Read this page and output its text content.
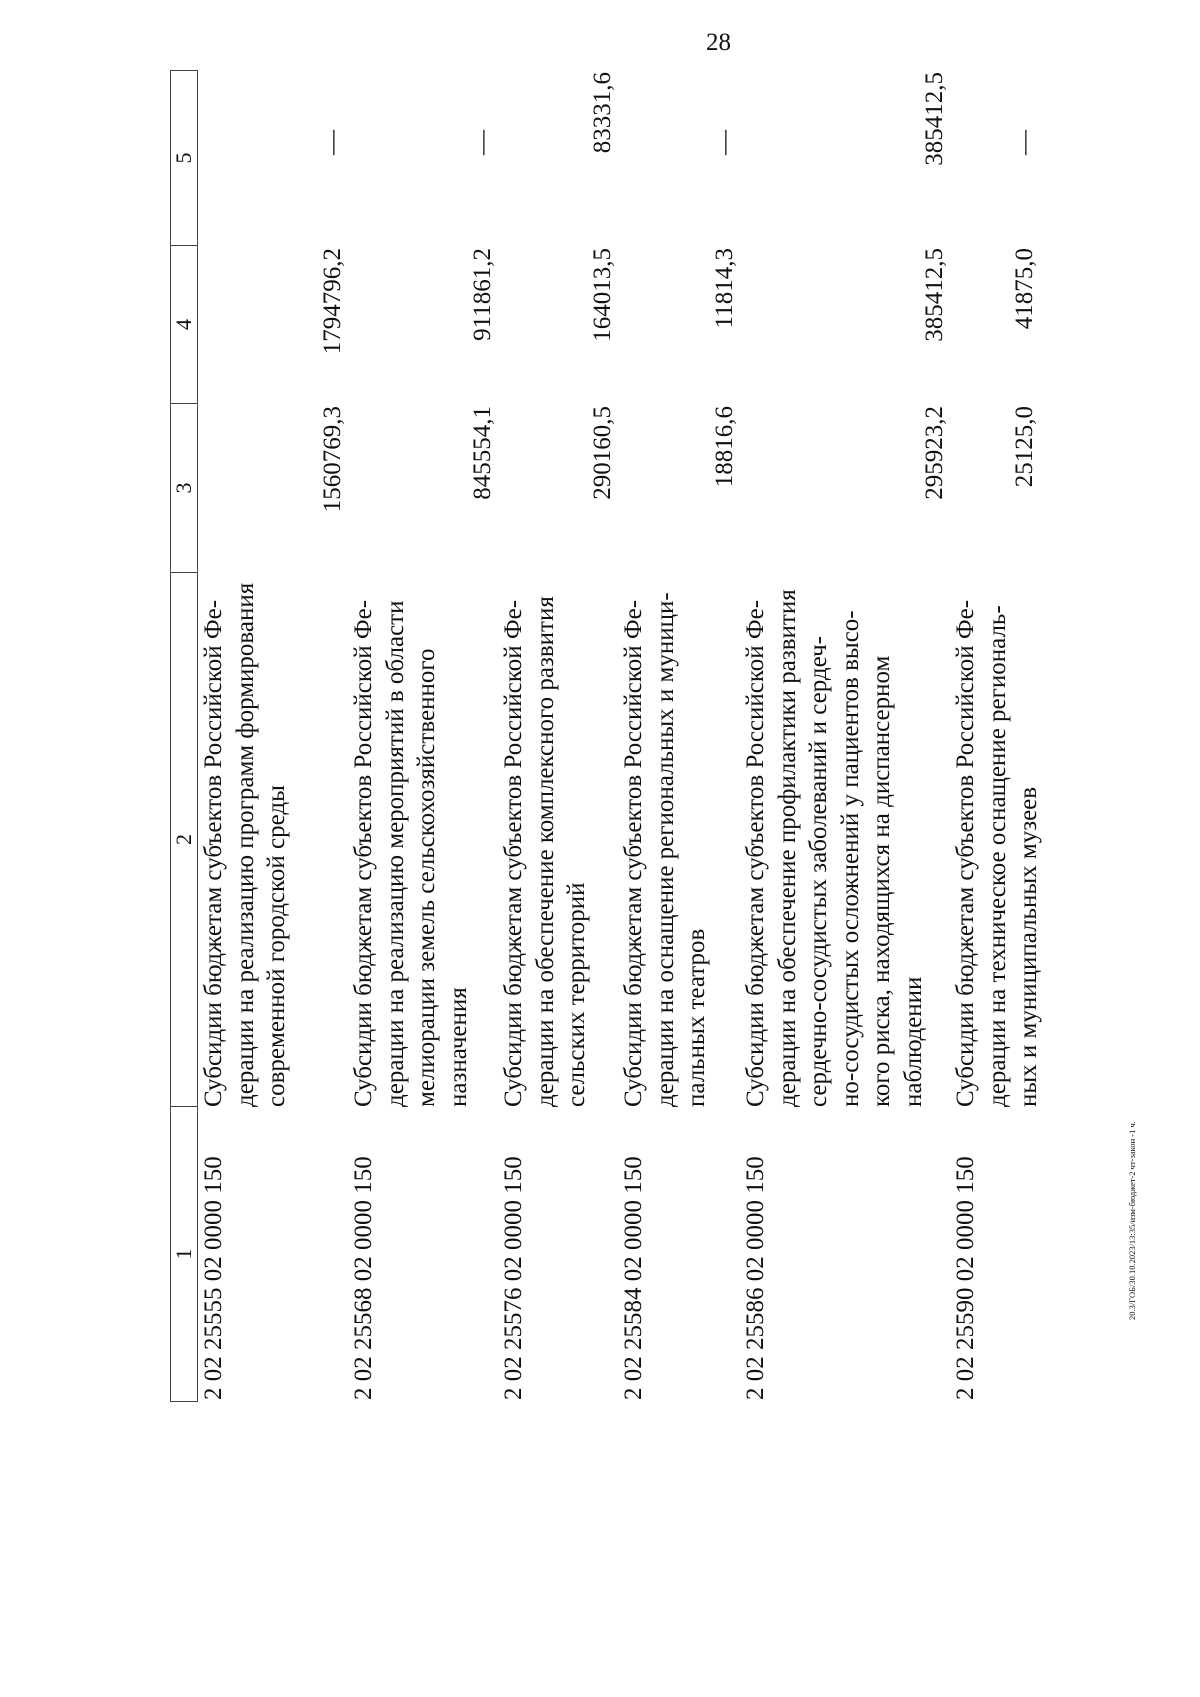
28
20.3/ГОБ/30.10.2023/13:35/изм-бюджет-2 чт-закон -1 ч.
1
2
3
4
5
2 02 25555 02 0000 150
Субсидии бюджетам субъектов Российской Фе- дерации на реализацию программ формирования современной городской среды
1560769,3
1794796,2
—
2 02 25568 02 0000 150
Субсидии бюджетам субъектов Российской Фе- дерации на реализацию мероприятий в области мелиорации земель сельскохозяйственного назначения
845554,1
911861,2
—
2 02 25576 02 0000 150
Субсидии бюджетам субъектов Российской Фе- дерации на обеспечение комплексного развития сельских территорий
290160,5
164013,5
83331,6
2 02 25584 02 0000 150
Субсидии бюджетам субъектов Российской Фе- дерации на оснащение региональных и муници- пальных театров
18816,6
11814,3
—
2 02 25586 02 0000 150
Субсидии бюджетам субъектов Российской Фе- дерации на обеспечение профилактики развития сердечно-сосудистых заболеваний и сердеч- но-сосудистых осложнений у пациентов высо- кого риска, находящихся на диспансерном наблюдении
295923,2
385412,5
385412,5
2 02 25590 02 0000 150
Субсидии бюджетам субъектов Российской Фе- дерации на техническое оснащение региональ- ных и муниципальных музеев
25125,0
41875,0
—
